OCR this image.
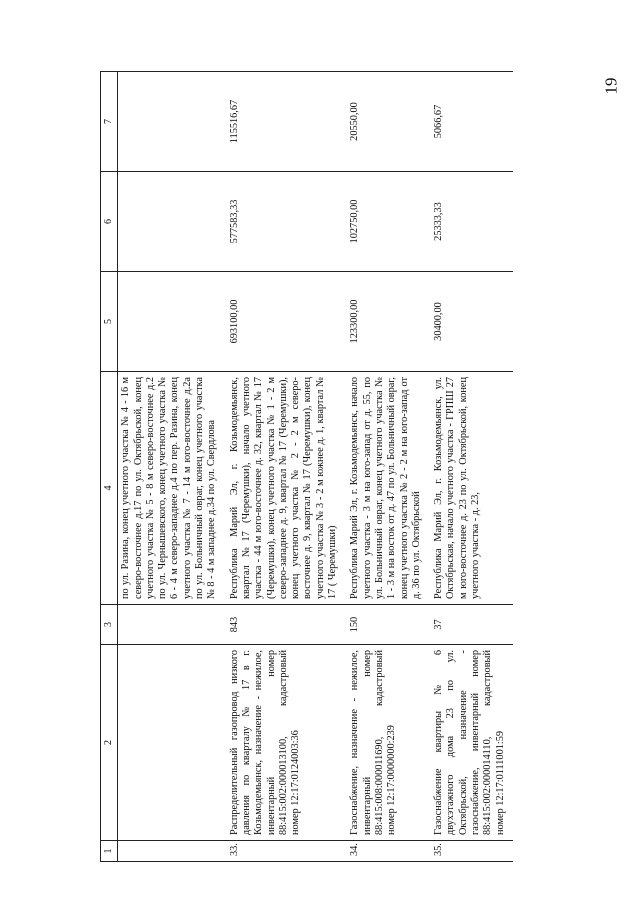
19
1	2	3	4	5	6	7
			по ул. Разина, конец учетного участка № 4 - 16 м северо-восточнее д.17 по ул. Октябрьской, конец учетного участка № 5 - 8 м северо-восточнее д.2 по ул. Чернышевского, конец учетного участка № 6 - 4 м северо-западнее д.4 по пер. Разина, конец учетного участка № 7 - 14 м юго-восточнее д.2а по ул. Больничный овраг, конец учетного участка № 8 - 4 м западнее д.34 по ул. Свердлова			
33.	Распределительный газопровод низкого давления по кварталу № 17 в г. Козьмодемьянск, назначение - нежилое, инвентарный номер 88:415:002:000013100, кадастровый номер 12:17:0124003:36	843	Республика Марий Эл, г. Козьмодемьянск, квартал №17 (Черемушки), начало учетного участка - 44 м юго-восточнее д. 32, квартал № 17 (Черемушки), конец учетного участка № 1 - 2 м северо-западнее д. 9, квартал № 17 (Черемушки), конец учетного участка № 2 - 2 м северо-восточнее д. 9, квартал № 17 (Черемушки), конец учетного участка № 3 - 2 м южнее д. 1, квартал № 17 ( Черемушки)	693100,00	577583,33	115516,67
34.	Газоснабжение, назначение - нежилое, инвентарный номер 88:415:008:000011690, кадастровый номер 12:17:0000000:239	150	Республика Марий Эл, г. Козьмодемьянск, начало учетного участка - 3 м на юго-запад от д. 55, по ул. Больничный овраг, конец учетного участка № 1 - 3 м на восток от д. 47 по ул. Больничный овраг, конец учетного участка № 2 - 2 м на юго-запад от д. 36 по ул. Октябрьской	123300,00	102750,00	20550,00
35.	Газоснабжение квартиры № 6 двухэтажного дома 23 по ул. Октябрьской, назначение - газоснабжение, инвентарный номер 88:415:002:000014110, кадастровый номер 12:17:0111001:59	37	Республика Марий Эл, г. Козьмодемьянск, ул. Октябрьская, начало учетного участка - ГРПШ 27 м юго-восточнее д. 23 по ул. Октябрьской, конец учетного участка - д. 23,	30400,00	25333,33	5066,67
